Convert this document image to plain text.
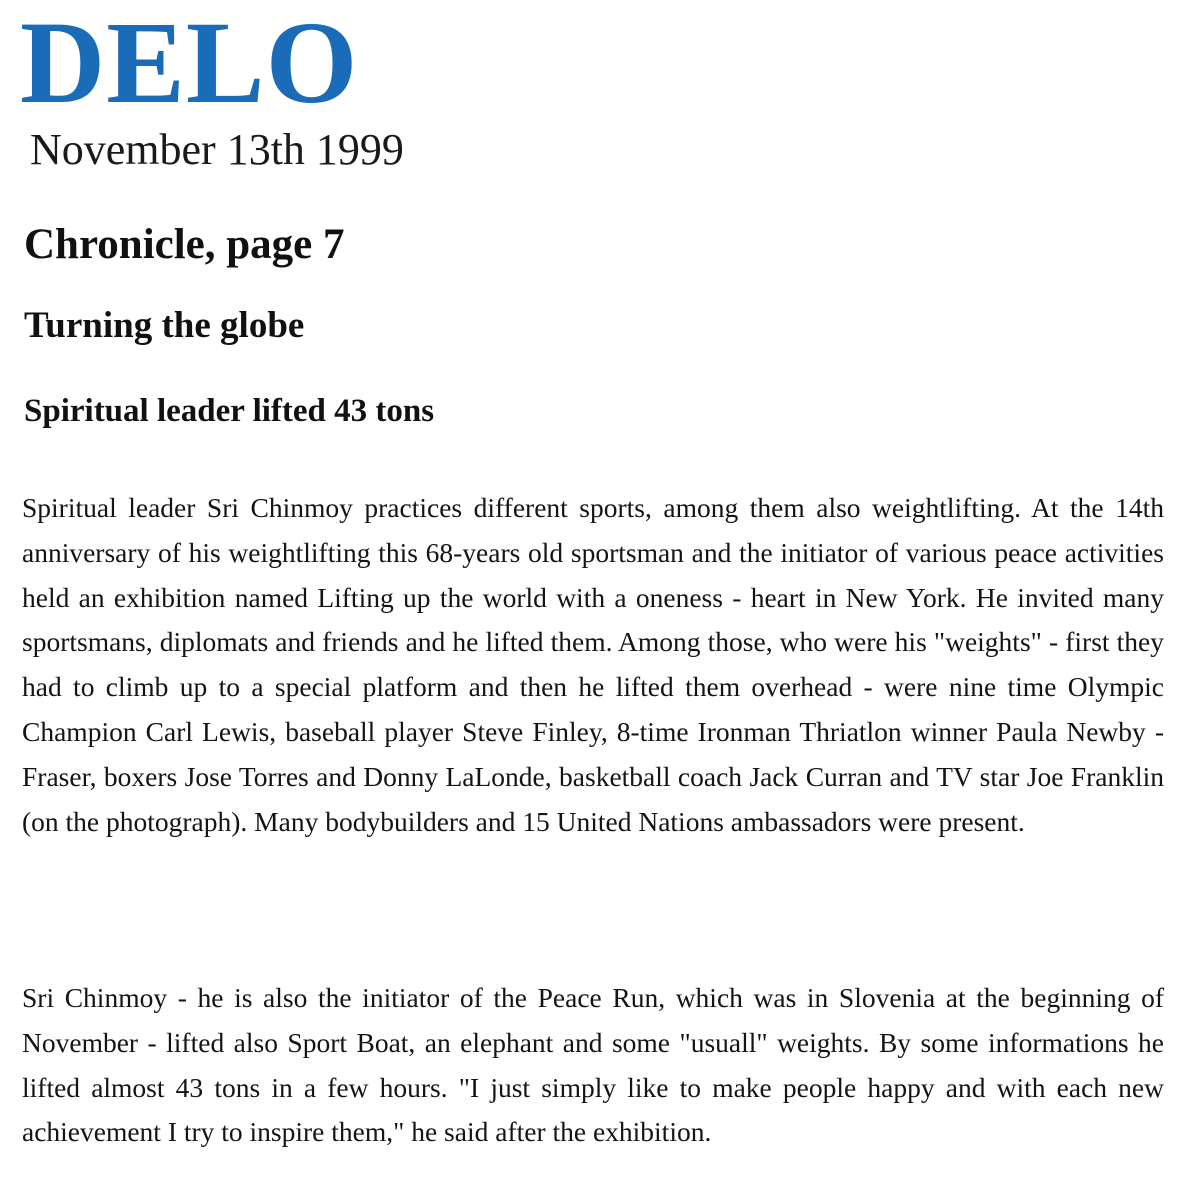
DELO
November 13th 1999
Chronicle, page 7
Turning the globe
Spiritual leader lifted 43 tons

Spiritual leader Sri Chinmoy practices different sports, among them also weightlifting. At the 14th anniversary of his weightlifting this 68-years old sportsman and the initiator of various peace activities held an exhibition named Lifting up the world with a oneness - heart in New York. He invited many sportsmans, diplomats and friends and he lifted them. Among those, who were his "weights" - first they had to climb up to a special platform and then he lifted them overhead - were nine time Olympic Champion Carl Lewis, baseball player Steve Finley, 8-time Ironman Thriatlon winner Paula Newby - Fraser, boxers Jose Torres and Donny LaLonde, basketball coach Jack Curran and TV star Joe Franklin (on the photograph). Many bodybuilders and 15 United Nations ambassadors were present.

Sri Chinmoy - he is also the initiator of the Peace Run, which was in Slovenia at the beginning of November - lifted also Sport Boat, an elephant and some "usuall" weights. By some informations he lifted almost 43 tons in a few hours. "I just simply like to make people happy and with each new achievement I try to inspire them," he said after the exhibition.
